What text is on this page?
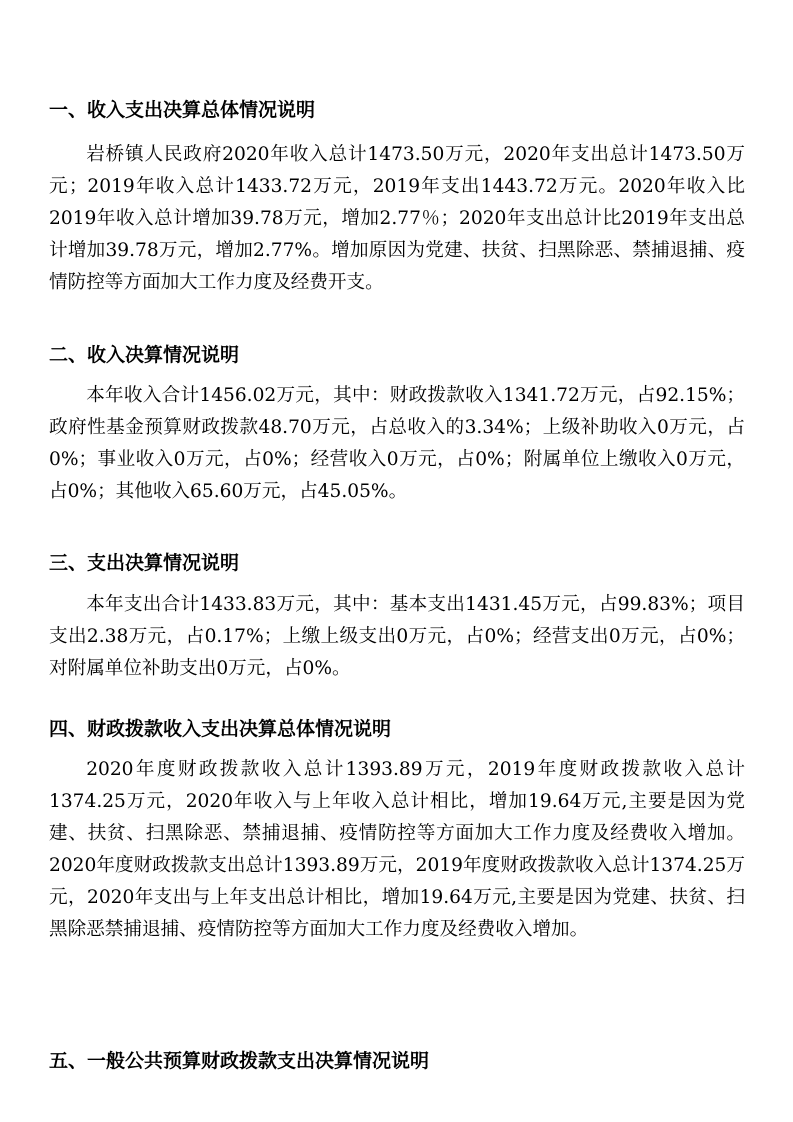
一、收入支出决算总体情况说明

岩桥镇人民政府2020年收入总计1473.50万元，2020年支出总计1473.50万元；2019年收入总计1433.72万元，2019年支出1443.72万元。2020年收入比2019年收入总计增加39.78万元，增加2.77％；2020年支出总计比2019年支出总计增加39.78万元，增加2.77%。增加原因为党建、扶贫、扫黑除恶、禁捕退捕、疫情防控等方面加大工作力度及经费开支。

二、收入决算情况说明

本年收入合计1456.02万元，其中：财政拨款收入1341.72万元，占92.15%；政府性基金预算财政拨款48.70万元，占总收入的3.34%；上级补助收入0万元，占0%；事业收入0万元，占0%；经营收入0万元，占0%；附属单位上缴收入0万元，占0%；其他收入65.60万元，占45.05%。

三、支出决算情况说明

本年支出合计1433.83万元，其中：基本支出1431.45万元，占99.83%；项目支出2.38万元，占0.17%；上缴上级支出0万元，占0%；经营支出0万元，占0%；对附属单位补助支出0万元，占0%。

四、财政拨款收入支出决算总体情况说明

2020年度财政拨款收入总计1393.89万元，2019年度财政拨款收入总计1374.25万元，2020年收入与上年收入总计相比，增加19.64万元,主要是因为党建、扶贫、扫黑除恶、禁捕退捕、疫情防控等方面加大工作力度及经费收入增加。2020年度财政拨款支出总计1393.89万元，2019年度财政拨款收入总计1374.25万元，2020年支出与上年支出总计相比，增加19.64万元,主要是因为党建、扶贫、扫黑除恶禁捕退捕、疫情防控等方面加大工作力度及经费收入增加。

五、一般公共预算财政拨款支出决算情况说明
